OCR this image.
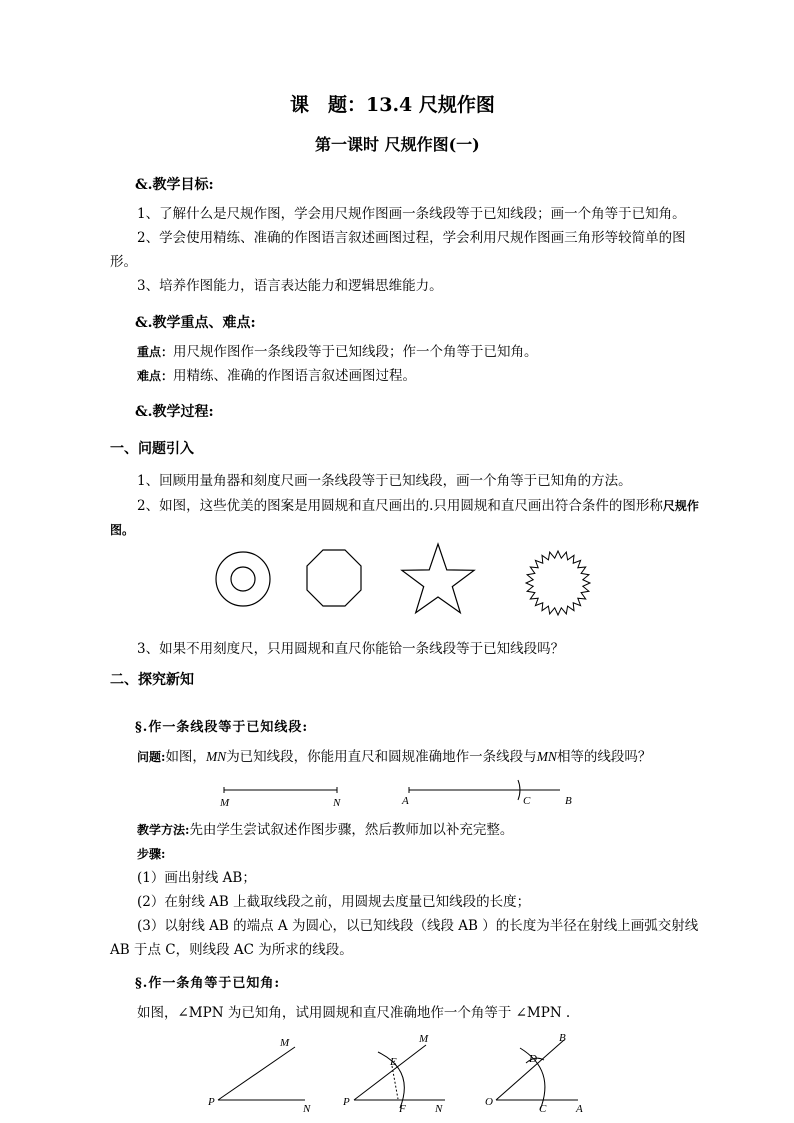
课　题：13.4 尺规作图
第一课时 尺规作图(一)
&.教学目标:
1、了解什么是尺规作图，学会用尺规作图画一条线段等于已知线段；画一个角等于已知角。
2、学会使用精练、准确的作图语言叙述画图过程，学会利用尺规作图画三角形等较简单的图形。
3、培养作图能力，语言表达能力和逻辑思维能力。
&.教学重点、难点:
重点：用尺规作图作一条线段等于已知线段；作一个角等于已知角。
难点：用精练、准确的作图语言叙述画图过程。
&.教学过程:
一、问题引入
1、回顾用量角器和刻度尺画一条线段等于已知线段，画一个角等于已知角的方法。
2、如图，这些优美的图案是用圆规和直尺画出的.只用圆规和直尺画出符合条件的图形称尺规作图。
3、如果不用刻度尺，只用圆规和直尺你能铪一条线段等于已知线段吗？
二、探究新知
§.作一条线段等于已知线段:
问题:如图，MN为已知线段，你能用直尺和圆规准确地作一条线段与MN相等的线段吗？
M	N	A	C	B
教学方法:先由学生尝试叙述作图步骤，然后教师加以补充完整。
步骤:
(1）画出射线 AB；
(2）在射线 AB 上截取线段之前，用圆规去度量已知线段的长度；
(3）以射线 AB 的端点 A 为圆心，以已知线段（线段 AB ）的长度为半径在射线上画弧交射线
AB 于点 C，则线段 AC 为所求的线段。
§.作一条角等于已知角:
如图，∠MPN 为已知角，试用圆规和直尺准确地作一个角等于 ∠MPN .
P
M
N
P
M
E
F	N
O
B
D
C	A
